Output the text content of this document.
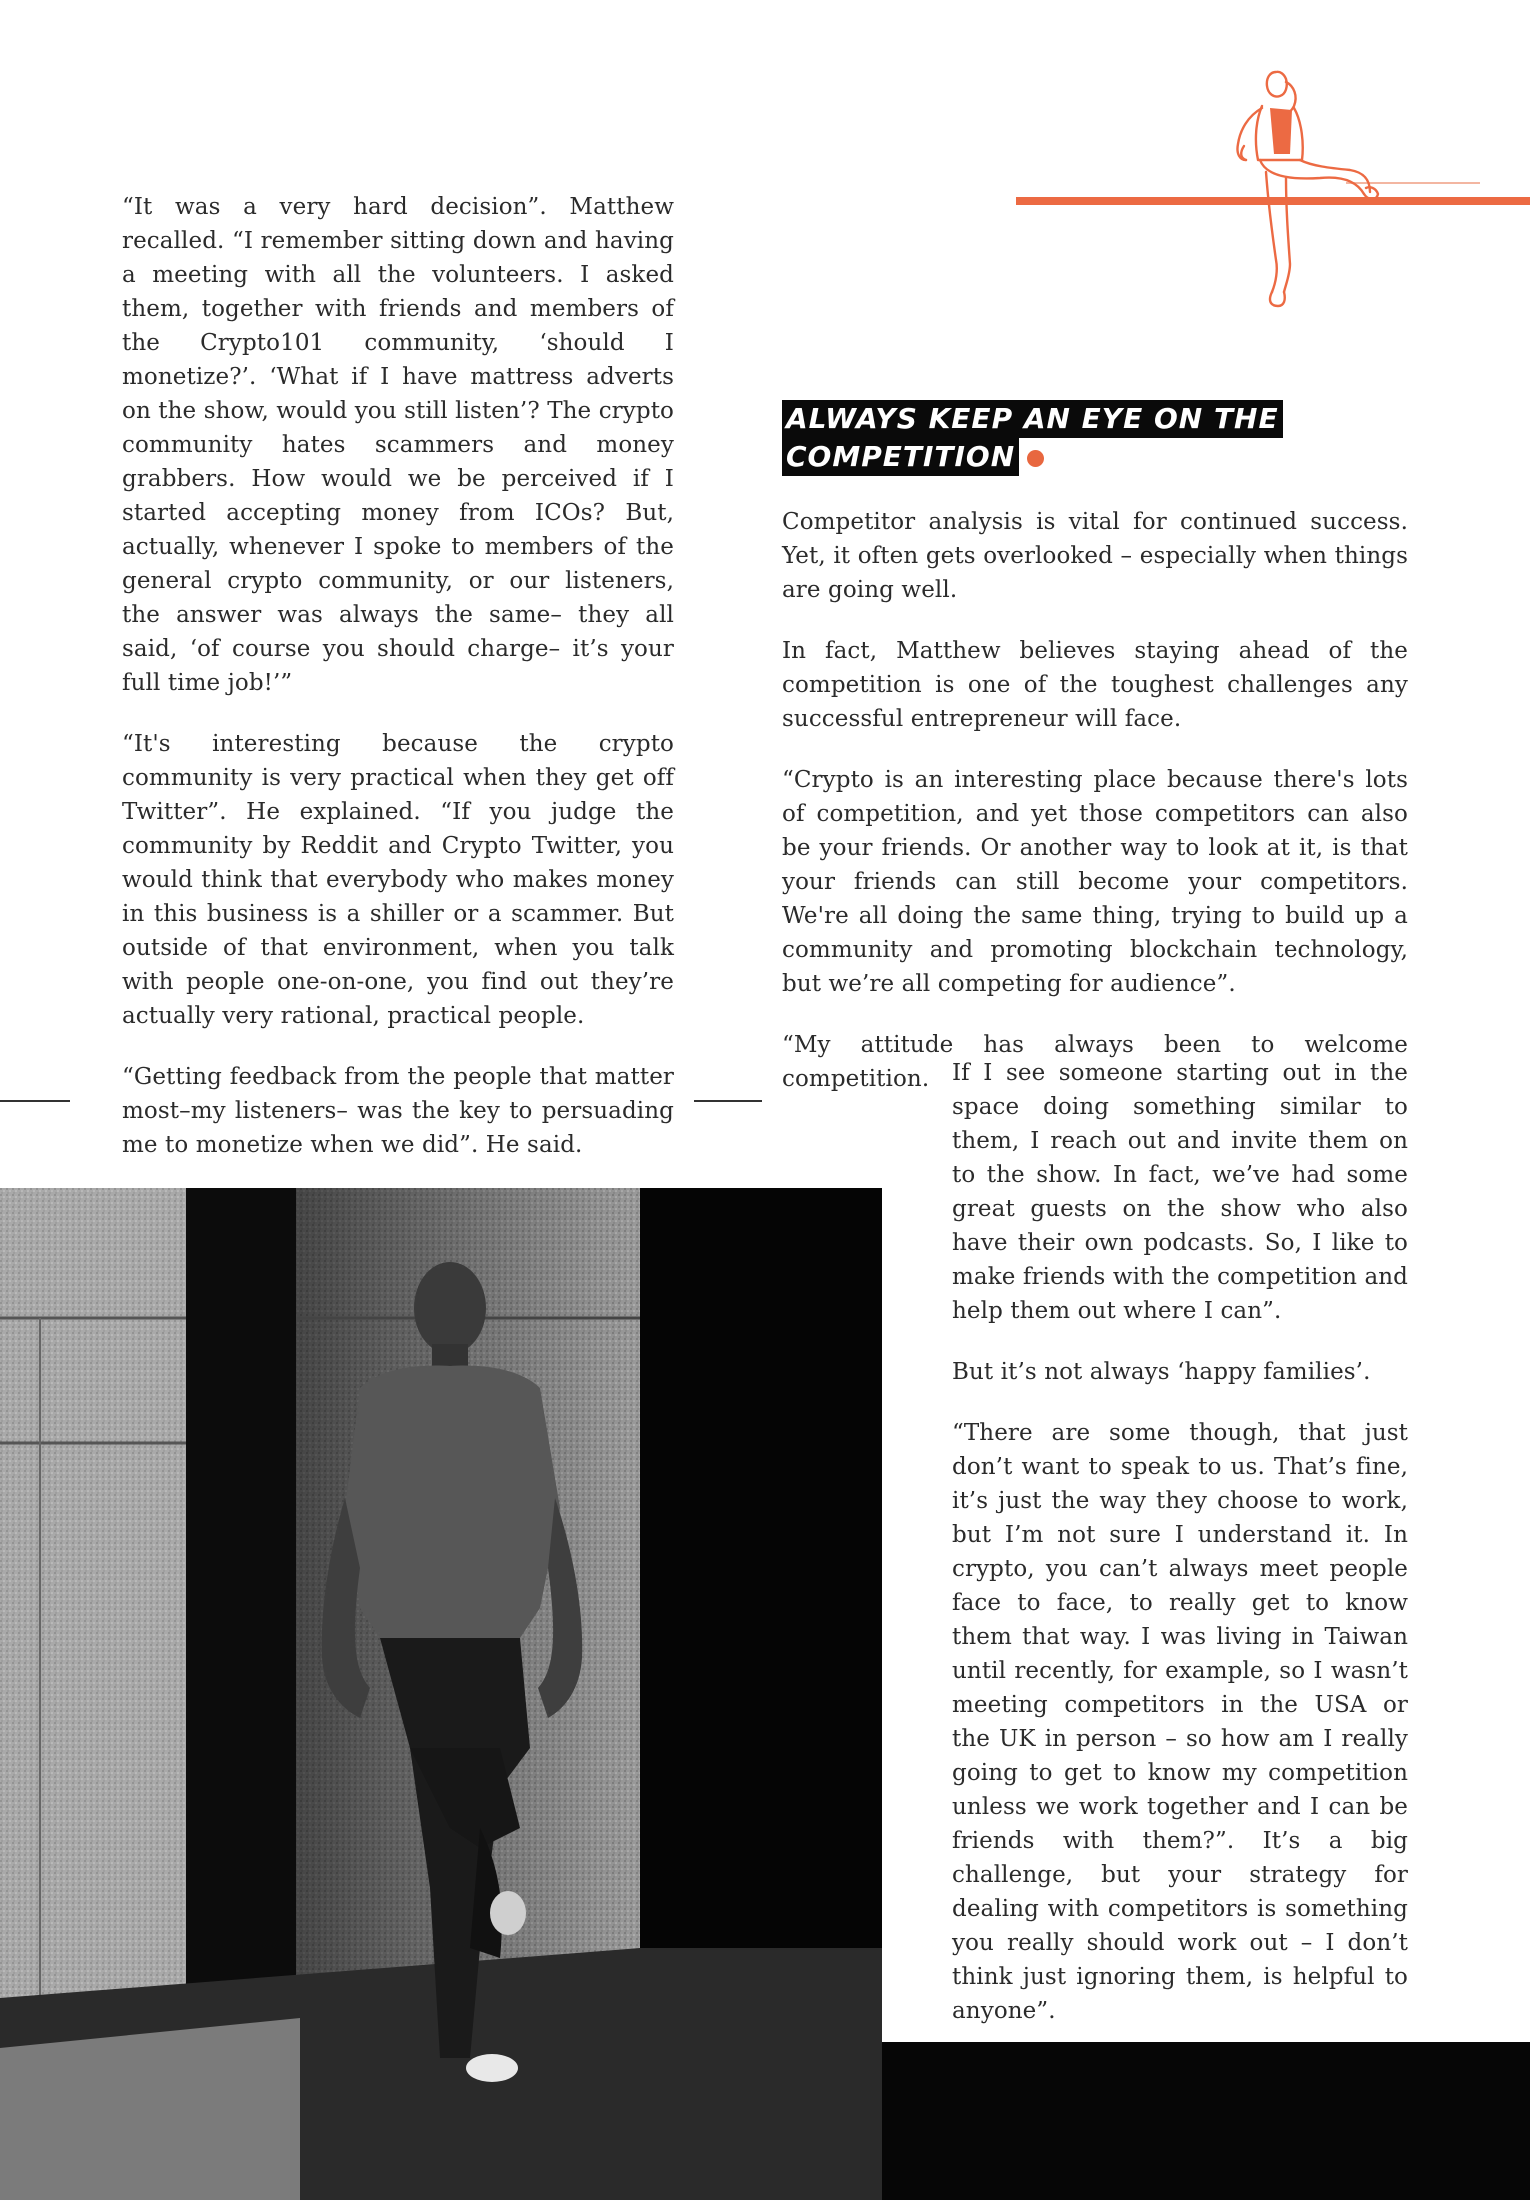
“It was a very hard decision”. Matthew recalled. “I remember sitting down and having a meeting with all the volunteers. I asked them, together with friends and members of the Crypto101 community, ‘should I monetize?’. ‘What if I have mattress adverts on the show, would you still listen’? The crypto community hates scammers and money grabbers. How would we be perceived if I started accepting money from ICOs? But, actually, whenever I spoke to members of the general crypto community, or our listeners, the answer was always the same– they all said, ‘of course you should charge– it’s your full time job!’”

“It's interesting because the crypto community is very practical when they get off Twitter”. He explained. “If you judge the community by Reddit and Crypto Twitter, you would think that everybody who makes money in this business is a shiller or a scammer. But outside of that environment, when you talk with people one-on-one, you find out they’re actually very rational, practical people.

“Getting feedback from the people that matter most–my listeners– was the key to persuading me to monetize when we did”. He said.

ALWAYS KEEP AN EYE ON THE
COMPETITION

Competitor analysis is vital for continued success. Yet, it often gets overlooked – especially when things are going well.

In fact, Matthew believes staying ahead of the competition is one of the toughest challenges any successful entrepreneur will face.

“Crypto is an interesting place because there's lots of competition, and yet those competitors can also be your friends. Or another way to look at it, is that your friends can still become your competitors. We're all doing the same thing, trying to build up a community and promoting blockchain technology, but we’re all competing for audience”.

“My attitude has always been to welcome competition. If I see someone starting out in the space doing something similar to them, I reach out and invite them on to the show. In fact, we’ve had some great guests on the show who also have their own podcasts. So, I like to make friends with the competition and help them out where I can”.

But it’s not always ‘happy families’.

“There are some though, that just don’t want to speak to us. That’s fine, it’s just the way they choose to work, but I’m not sure I understand it. In crypto, you can’t always meet people face to face, to really get to know them that way. I was living in Taiwan until recently, for example, so I wasn’t meeting competitors in the USA or the UK in person – so how am I really going to get to know my competition unless we work together and I can be friends with them?”. It’s a big challenge, but your strategy for dealing with competitors is something you really should work out – I don’t think just ignoring them, is helpful to anyone”.
